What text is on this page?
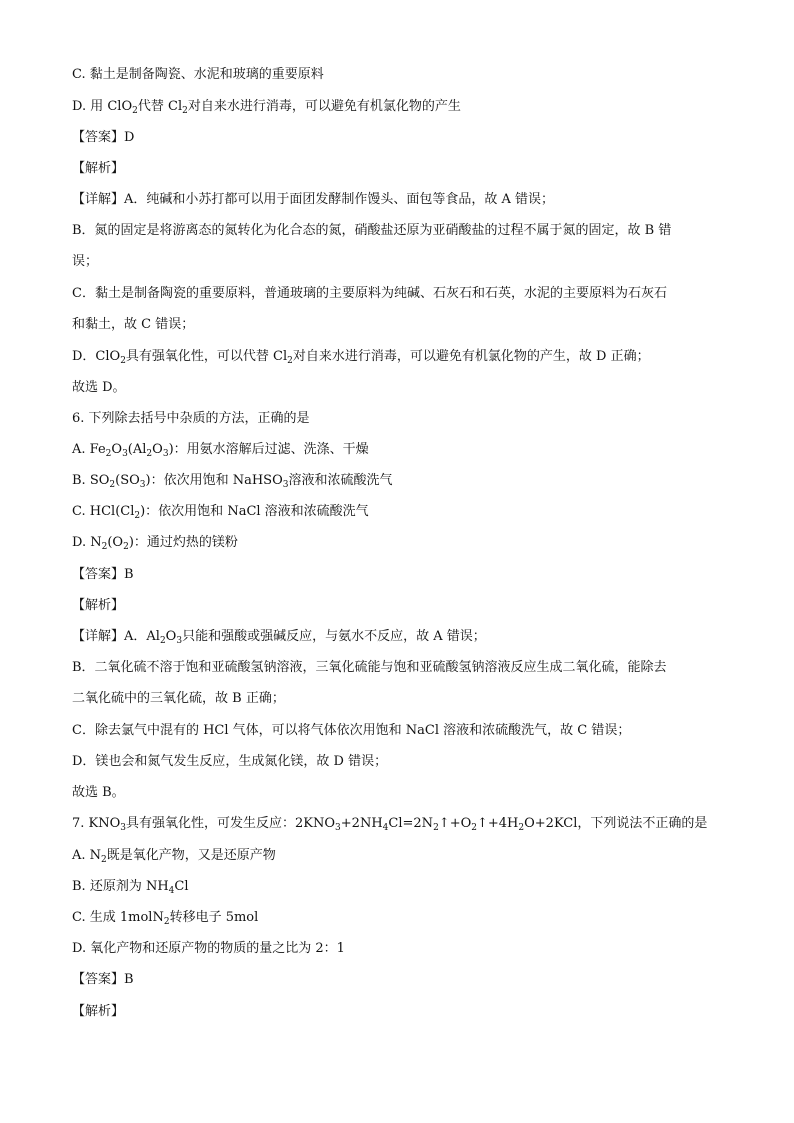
C. 黏土是制备陶瓷、水泥和玻璃的重要原料
D. 用 ClO$_2$代替 $Cl_2$对自来水进行消毒，可以避免有机氯化物的产生
【答案】D
【解析】
【详解】A．纯碱和小苏打都可以用于面团发酵制作馒头、面包等食品，故 A 错误；
B．氮的固定是将游离态的氮转化为化合态的氮，硝酸盐还原为亚硝酸盐的过程不属于氮的固定，故 B 错
误；
C．黏土是制备陶瓷的重要原料，普通玻璃的主要原料为纯碱、石灰石和石英，水泥的主要原料为石灰石
和黏土，故 C 错误；
D．ClO$_2$具有强氧化性，可以代替 $Cl_2$对自来水进行消毒，可以避免有机氯化物的产生，故 D 正确；
故选 D。
6. 下列除去括号中杂质的方法，正确的是
A. $Fe_2O_3(Al_2O_3)$：用氨水溶解后过滤、洗涤、干燥
B. $SO_2(SO_3)$：依次用饱和 NaHSO$_3$溶液和浓硫酸洗气
C. $HCl(Cl_2)$：依次用饱和 NaCl 溶液和浓硫酸洗气
D. $N_2(O_2)$：通过灼热的镁粉
【答案】B
【解析】
【详解】A．$Al_2O_3$只能和强酸或强碱反应，与氨水不反应，故 A 错误；
B．二氧化硫不溶于饱和亚硫酸氢钠溶液，三氧化硫能与饱和亚硫酸氢钠溶液反应生成二氧化硫，能除去
二氧化硫中的三氧化硫，故 B 正确；
C．除去氯气中混有的 HCl 气体，可以将气体依次用饱和 NaCl 溶液和浓硫酸洗气，故 C 错误；
D．镁也会和氮气发生反应，生成氮化镁，故 D 错误；
故选 B。
7. $KNO_3$具有强氧化性，可发生反应：$2KNO_3+2NH_4Cl=2N_2↑+O_2↑+4H_2O+2KCl$，下列说法不正确的是
A. $N_2$既是氧化产物，又是还原产物
B. 还原剂为 $NH_4Cl$
C. 生成 1molN$_2$转移电子 5mol
D. 氧化产物和还原产物的物质的量之比为 2：1
【答案】B
【解析】
